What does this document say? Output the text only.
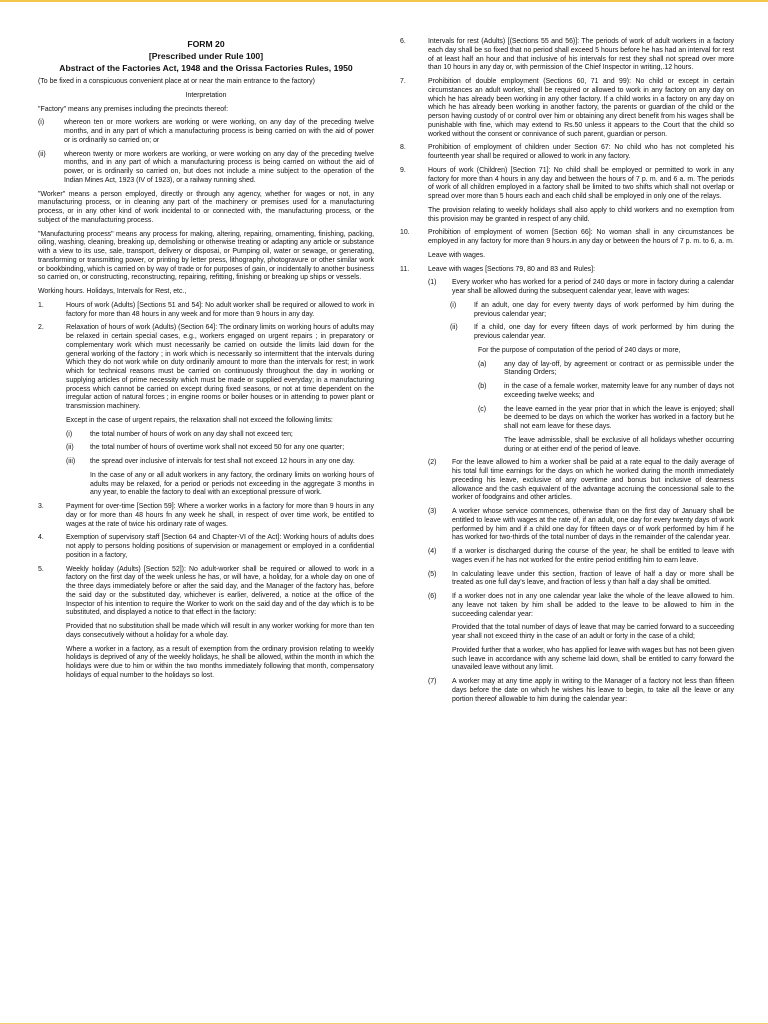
FORM 20
[Prescribed under Rule 100]
Abstract of the Factories Act, 1948 and the Orissa Factories Rules, 1950

(To be fixed in a conspicuous convenient place at or near the main entrance to the factory)

Interpretation

"Factory" means any premises including the precincts thereof:

(i)	whereon ten or more workers are working or were working, on any day of the preceding twelve months, and in any part of which a manufacturing process is being carried on with the aid of power or is ordinarily so carried on; or
(ii)	whereon twenty or more workers are working, or were working on any day of the preceding twelve months, and in any part of which a manufacturing process is being carried on without the aid of power, or is ordinarily so carried on, but does not include a mine subject to the operation of the Indian Mines Act, 1923 (IV of 1923), or a railway running shed.

"Worker" means a person employed, directly or through any agency, whether for wages or not, in any manufacturing process, or in cleaning any part of the machinery or premises used for a manufacturing process, or in any other kind of work incidental to or connected with, the manufacturing process, or the subject of the manufacturing process.

"Manufacturing process" means any process for making, altering, repairing, ornamenting, finishing, packing, oiling, washing, cleaning, breaking up, demolishing or otherwise treating or adapting any article or substance with a view to its use, sale, transport, delivery or disposai, or Pumping oil, water or sewage, or generating, transforming or transmitting power, or printing by letter press, lithography, photogravure or other similar work or bookbinding, which is carried on by way of trade or for purposes of gain, or incidentally to another business so carried on, or constructing, reconstructing, repairing, refitting, finishing or breaking up ships or vessels.

Working hours. Holidays, Intervals for Rest, etc.,

1.	Hours of work (Adults) [Sections 51 and 54]: No adult worker shall be required or allowed to work in factory for more than 48 hours in any week and for more than 9 hours in any day.
2.	Relaxation of hours of work (Adults) (Section 64]: The ordinary limits on working hours of adults may be relaxed in certain special cases, e.g., workers engaged on urgent repairs ; in preparatory or complementary work which must necessarily be carried on outside the limits laid down for the general working of the factory ; in work which is necessarily so intermittent that the intervals during Which they do not work while on duty ordinarily amount to more than the intervals for rest; in work which for technical reasons must be carried on continuously throughout the day in working or supplying articles of prime necessity which must be made or supplied everyday; in a manufacturing process which cannot be carried on except during fixed seasons, or not at time dependent on the irregular action of natural forces ; in engine rooms or boiler houses or in attending to power plant or transmission machinery.

Except in the case of urgent repairs, the relaxation shall not exceed the following limits:

(i)	the total number of hours of work on any day shall not exceed ten;
(ii)	the total number of hours of overtime work shall not exceed 50 for any one quarter;
(iii)	the spread over inclusive of intervals for test shall not exceed 12 hours in any one day.

In the case of any or all adult workers in any factory, the ordinary limits on working hours of adults may be relaxed, for a period or periods not exceeding in the aggregate 3 months in any year, to enable the factory to deal with an exceptional pressure of work.

3.	Payment for over-time [Section 59]: Where a worker works in a factory for more than 9 hours in any day or for more than 48 hours fn any week he shall, in respect of over time work, be entitled to wages at the rate of twice his ordinary rate of wages.
4.	Exemption of supervisory staff [Section 64 and Chapter-VI of the Act]: Working hours of adults does not apply to persons holding positions of supervision or management or employed in a confidential position in a factory,
5.	Weekly holiday (Adults) [Section 52]): No adult-worker shall be required or allowed to work in a factory on the first day of the week unless he has, or will have, a holiday, for a whole day on one of the three days immediately before or after the said day, and the Manager of the factory has, before the said day or the substituted day, whichever is earlier, delivered, a notice at the office of the Inspector of his intention to require the Worker to work on the said day and of the day which is to be substituted, and displayed a notice to that effect in the factory:

Provided that no substitution shall be made which will result in any worker working for more than ten days consecutively without a holiday for a whole day.

Where a worker in a factory, as a result of exemption from the ordinary provision relating to weekly holidays is deprived of any of the weekly holidays, he shall be allowed, within the month in which the holidays were due to him or within the two months immediately following that month, compensatory holidays of equal number to the holidays so lost.

6.	Intervals for rest (Adults) [(Sections 55 and 56)]: The periods of work of adult workers in a factory each day shall be so fixed that no period shall exceed 5 hours before he has had an interval for rest of at least half an hour and that inclusive of his intervals for rest they shall not spread over more than 10 hours in any day or, with permission of the Chief Inspector in writing,.12 hours.
7.	Prohibition of double employment (Sections 60, 71 and 99): No child or except in certain circumstances an adult worker, shall be required or allowed to work in any factory on any day on which he has already been working in any other factory. If a child works in a factory on any day on which he has already been working in another factory, the parents or guardian of the child or the person having custody of or control over him or obtaining any direct benefit from his wages shall be punishable with fine, which may extend to Rs.50 unless it appears to the Court that the child so worked without the consent or connivance of such parent, guardian or person.
8.	Prohibition of employment of children under Section 67: No child who has not completed his fourteenth year shall be required or allowed to work in any factory.
9.	Hours of work (Children) [Section 71]: No child shall be employed or permitted to work in any factory for more than 4 hours in any day and between the hours of 7 p. m. and 6 a. m. The periods of work of all children employed in a factory shall be limited to two shifts which shall not overlap or spread over more than 5 hours each and each child shall be employed in only one of the relays.

The provision relating to weekly holidays shall also apply to child workers and no exemption from this provision may be granted in respect of any child.

10.	Prohibition of employment of women [Section 66]: No woman shall in any circumstances be employed in any factory for more than 9 hours.in any day or between the hours of 7 p. m. to 6, a. m.

Leave with wages.

11.	Leave with wages [Sections 79, 80 and 83 and Rules]:
(1)	Every worker who has worked for a period of 240 days or more in factory during a calendar year shall be allowed during the subsequent calendar year, leave with wages:
(i)	If an adult, one day for every twenty days of work performed by him during the previous calendar year;
(ii)	If a child, one day for every fifteen days of work performed by him during the previous calendar year.

For the purpose of computation of the period of 240 days or more,

(a)	any day of lay-off, by agreement or contract or as permissible under the Standing Orders;
(b)	in the case of a female worker, maternity leave for any number of days not exceeding twelve weeks; and
(c)	the leave earned in the year prior that in which the leave is enjoyed; shall be deemed to be days on which the worker has worked in a factory but he shall not earn leave for these days.

The leave admissible, shall be exclusive of all holidays whether occurring during or at either end of the period of leave.

(2)	For the leave allowed to him a worker shall be paid at a rate equal to the daily average of his total full time earnings for the days on which he worked during the month immediately preceding his leave, exclusive of any overtime and bonus but inclusive of dearness allowance and the cash equivalent of the advantage accruing the concessional sale to the worker of foodgrains and other articles.
(3)	A worker whose service commences, otherwise than on the first day of January shall be entitled to leave with wages at the rate of, if an adult, one day for every twenty days of work performed by him and if a child one day for fifteen days or of work performed by him if he has worked for two-thirds of the total number of days in the remainder of the calendar year.
(4)	If a worker is discharged during the course of the year, he shall be entitled to leave with wages even if he has not worked for the entire period entitfing him to earn leave.
(5)	In calculating leave under this section, fraction of leave of half a day or more shall be treated as one full day's leave, and fraction of less y than half a day shall be omitted.
(6)	If a worker does not in any one calendar year lake the whole of the leave allowed to him. any leave not taken by him shall be added to the leave to be allowed to him in the succeeding calendar year:

Provided that the total number of days of leave that may be carried forward to a succeeding year shall not exceed thirty in the case of an adult or forty in the case of a child;

Provided further that a worker, who has applied for leave with wages but has not been given such leave in accordance with any scheme laid down, shall be entitled to carry forward the unavailed leave without any limit.

(7)	A worker may at any time apply in writing to the Manager of a factory not less than fifteen days before the date on which he wishes his leave to begin, to take all the leave or any portion thereof allowable to him during the calendar year:
